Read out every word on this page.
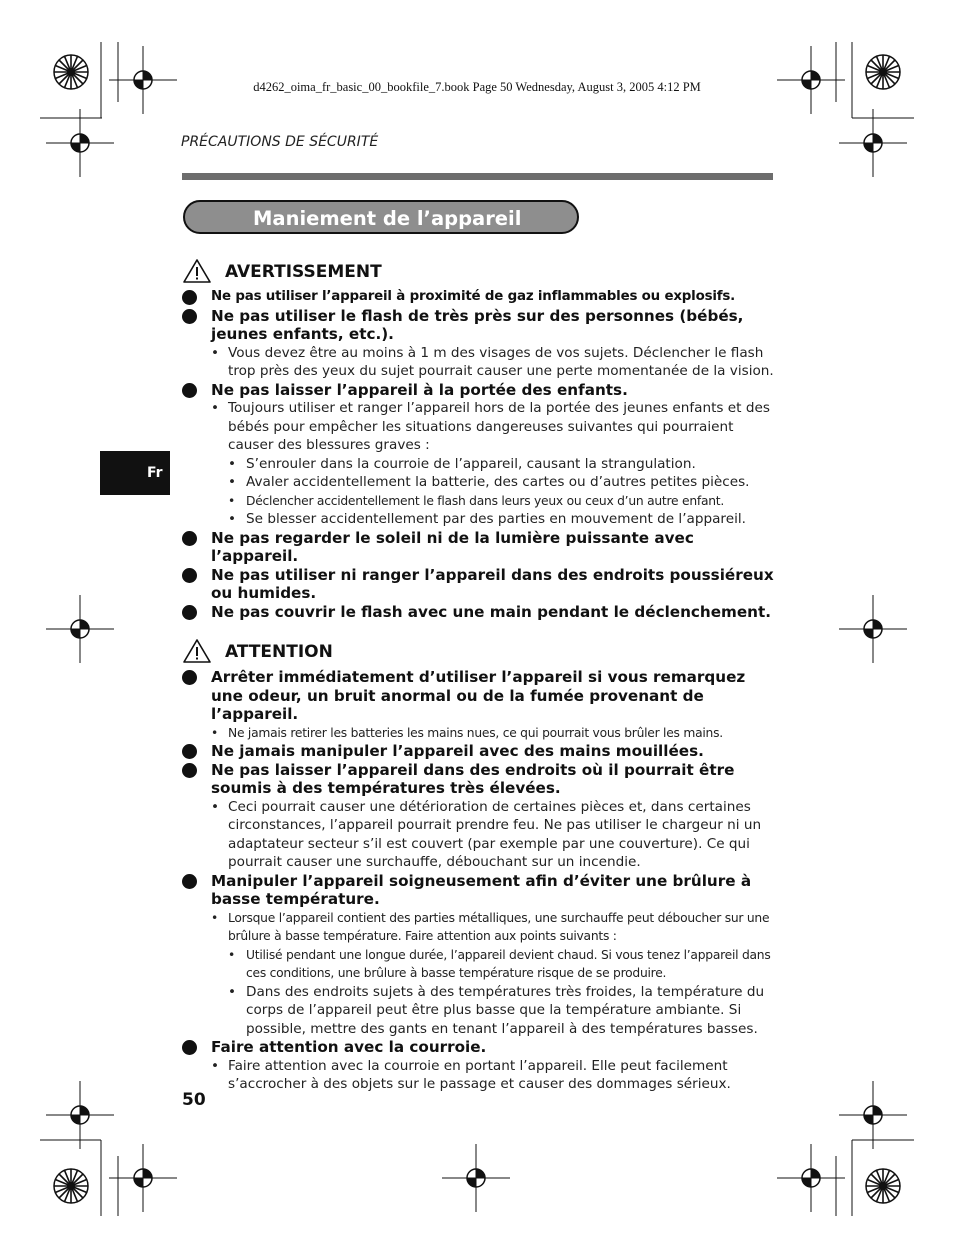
d4262_oima_fr_basic_00_bookfile_7.book Page 50 Wednesday, August 3, 2005 4:12 PM
PRÉCAUTIONS DE SÉCURITÉ
Maniement de l’appareil
Fr
AVERTISSEMENT
Ne pas utiliser l’appareil à proximité de gaz inflammables ou explosifs.
Ne pas utiliser le flash de très près sur des personnes (bébés, jeunes enfants, etc.).
• Vous devez être au moins à 1 m des visages de vos sujets. Déclencher le flash trop près des yeux du sujet pourrait causer une perte momentanée de la vision.
Ne pas laisser l’appareil à la portée des enfants.
• Toujours utiliser et ranger l’appareil hors de la portée des jeunes enfants et des bébés pour empêcher les situations dangereuses suivantes qui pourraient causer des blessures graves :
• S’enrouler dans la courroie de l’appareil, causant la strangulation.
• Avaler accidentellement la batterie, des cartes ou d’autres petites pièces.
• Déclencher accidentellement le flash dans leurs yeux ou ceux d’un autre enfant.
• Se blesser accidentellement par des parties en mouvement de l’appareil.
Ne pas regarder le soleil ni de la lumière puissante avec l’appareil.
Ne pas utiliser ni ranger l’appareil dans des endroits poussiéreux ou humides.
Ne pas couvrir le flash avec une main pendant le déclenchement.
ATTENTION
Arrêter immédiatement d’utiliser l’appareil si vous remarquez une odeur, un bruit anormal ou de la fumée provenant de l’appareil.
• Ne jamais retirer les batteries les mains nues, ce qui pourrait vous brûler les mains.
Ne jamais manipuler l’appareil avec des mains mouillées.
Ne pas laisser l’appareil dans des endroits où il pourrait être soumis à des températures très élevées.
• Ceci pourrait causer une détérioration de certaines pièces et, dans certaines circonstances, l’appareil pourrait prendre feu. Ne pas utiliser le chargeur ni un adaptateur secteur s’il est couvert (par exemple par une couverture). Ce qui pourrait causer une surchauffe, débouchant sur un incendie.
Manipuler l’appareil soigneusement afin d’éviter une brûlure à basse température.
• Lorsque l’appareil contient des parties métalliques, une surchauffe peut déboucher sur une brûlure à basse température. Faire attention aux points suivants :
• Utilisé pendant une longue durée, l’appareil devient chaud. Si vous tenez l’appareil dans ces conditions, une brûlure à basse température risque de se produire.
• Dans des endroits sujets à des températures très froides, la température du corps de l’appareil peut être plus basse que la température ambiante. Si possible, mettre des gants en tenant l’appareil à des températures basses.
Faire attention avec la courroie.
• Faire attention avec la courroie en portant l’appareil. Elle peut facilement s’accrocher à des objets sur le passage et causer des dommages sérieux.
50
